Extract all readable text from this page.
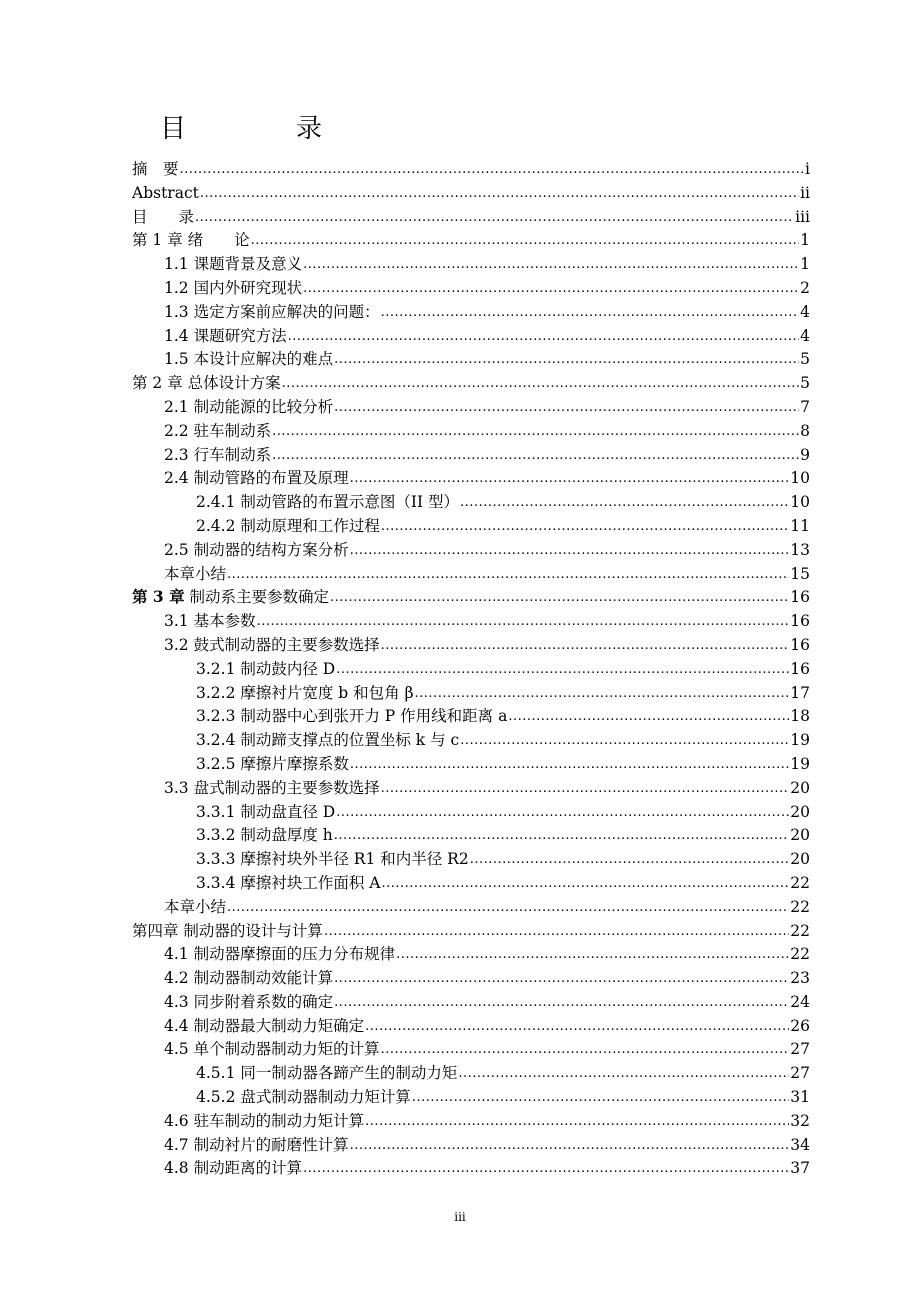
目　录
摘　要 .....	i
Abstract .....	ii
目　　录 .....	iii
第 1 章 绪　　论 .....	1
1.1 课题背景及意义 .....	1
1.2 国内外研究现状 .....	2
1.3 选定方案前应解决的问题： .....	4
1.4 课题研究方法 .....	4
1.5 本设计应解决的难点 .....	5
第 2 章 总体设计方案 .....	5
2.1 制动能源的比较分析 .....	7
2.2 驻车制动系 .....	8
2.3 行车制动系 .....	9
2.4 制动管路的布置及原理 .....	10
2.4.1 制动管路的布置示意图（II 型） .....	10
2.4.2 制动原理和工作过程 .....	11
2.5 制动器的结构方案分析 .....	13
本章小结 .....	15
第 3 章 制动系主要参数确定 .....	16
3.1 基本参数 .....	16
3.2 鼓式制动器的主要参数选择 .....	16
3.2.1 制动鼓内径 D .....	16
3.2.2 摩擦衬片宽度 b 和包角 β .....	17
3.2.3 制动器中心到张开力 P 作用线和距离 a .....	18
3.2.4 制动蹄支撑点的位置坐标 k 与 c .....	19
3.2.5 摩擦片摩擦系数 .....	19
3.3 盘式制动器的主要参数选择 .....	20
3.3.1 制动盘直径 D .....	20
3.3.2 制动盘厚度 h .....	20
3.3.3 摩擦衬块外半径 R1 和内半径 R2 .....	20
3.3.4 摩擦衬块工作面积 A .....	22
本章小结 .....	22
第四章 制动器的设计与计算 .....	22
4.1 制动器摩擦面的压力分布规律 .....	22
4.2 制动器制动效能计算 .....	23
4.3 同步附着系数的确定 .....	24
4.4 制动器最大制动力矩确定 .....	26
4.5 单个制动器制动力矩的计算 .....	27
4.5.1 同一制动器各蹄产生的制动力矩 .....	27
4.5.2 盘式制动器制动力矩计算 .....	31
4.6 驻车制动的制动力矩计算 .....	32
4.7 制动衬片的耐磨性计算 .....	34
4.8 制动距离的计算 .....	37
iii
